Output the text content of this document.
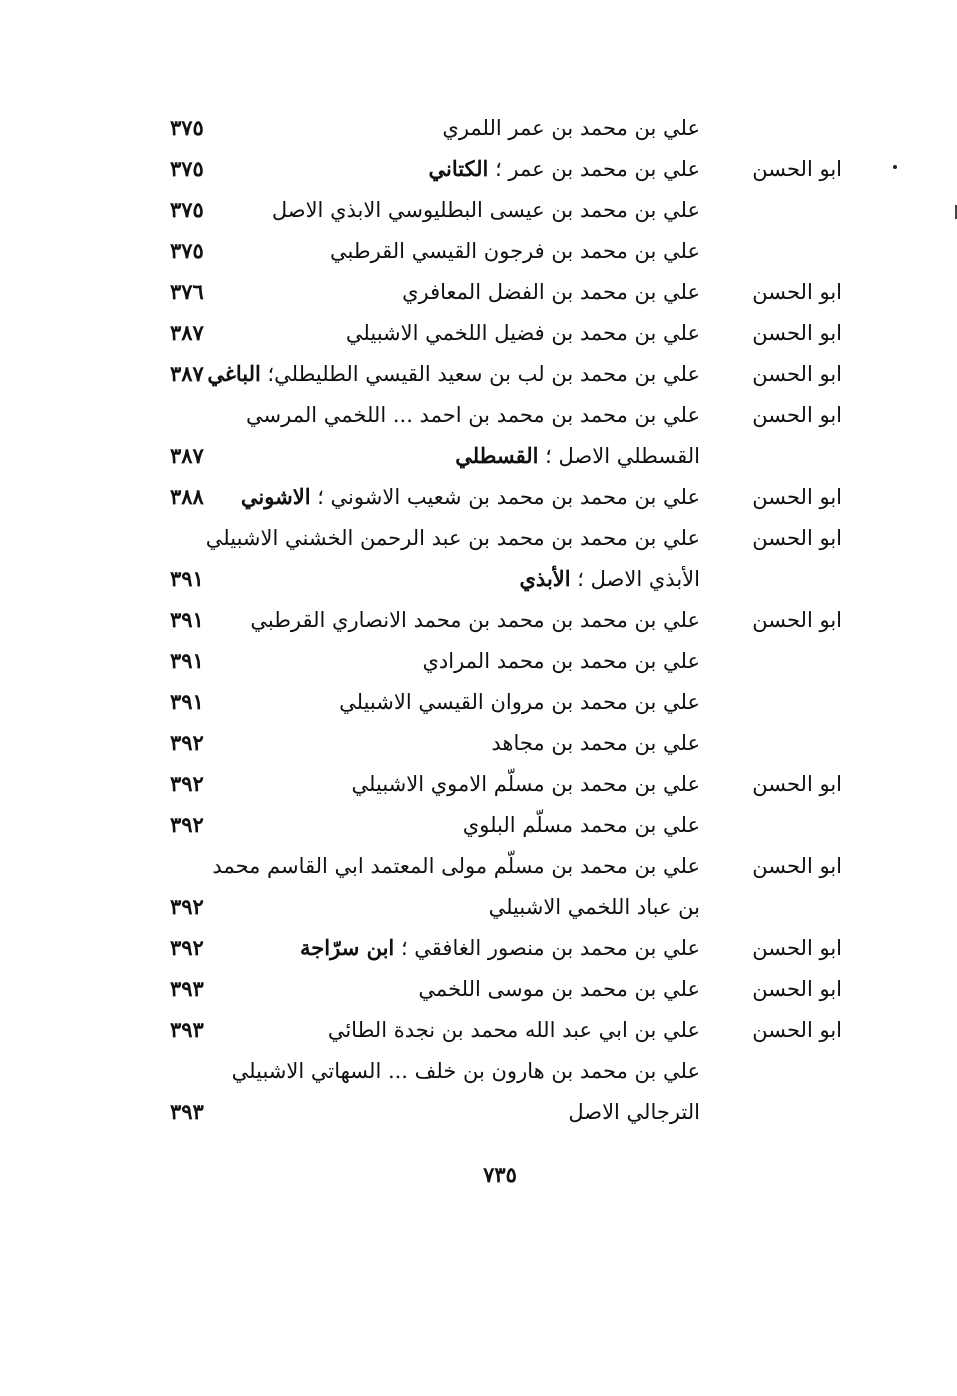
علي بن محمد بن عمر اللمري
٣٧٥
ابو الحسن
علي بن محمد بن عمر ؛ الكتاني
٣٧٥
علي بن محمد بن عيسى البطليوسي الابذي الاصل
٣٧٥
علي بن محمد بن فرجون القيسي القرطبي
٣٧٥
ابو الحسن
علي بن محمد بن الفضل المعافري
٣٧٦
ابو الحسن
علي بن محمد بن فضيل اللخمي الاشبيلي
٣٨٧
ابو الحسن
علي بن محمد بن لب بن سعيد القيسي الطليطلي؛ الباغي
٣٨٧
ابو الحسن
علي بن محمد بن محمد بن احمد ... اللخمي المرسي
القسطلي الاصل ؛ القسطلي
٣٨٧
ابو الحسن
علي بن محمد بن محمد بن شعيب الاشوني ؛ الاشوني
٣٨٨
ابو الحسن
علي بن محمد بن محمد بن عبد الرحمن الخشني الاشبيلي
الأبذي الاصل ؛ الأبذي
٣٩١
ابو الحسن
علي بن محمد بن محمد بن محمد الانصاري القرطبي
٣٩١
علي بن محمد بن محمد المرادي
٣٩١
علي بن محمد بن مروان القيسي الاشبيلي
٣٩١
علي بن محمد بن مجاهد
٣٩٢
ابو الحسن
علي بن محمد بن مسلّم الاموي الاشبيلي
٣٩٢
علي بن محمد مسلّم البلوي
٣٩٢
ابو الحسن
علي بن محمد بن مسلّم مولى المعتمد ابي القاسم محمد
بن عباد اللخمي الاشبيلي
٣٩٢
ابو الحسن
علي بن محمد بن منصور الغافقي ؛ ابن سرّاجة
٣٩٢
ابو الحسن
علي بن محمد بن موسى اللخمي
٣٩٣
ابو الحسن
علي بن ابي عبد الله محمد بن نجدة الطائي
٣٩٣
علي بن محمد بن هارون بن خلف ... السهاتي الاشبيلي
الترجالي الاصل
٣٩٣
٧٣٥
